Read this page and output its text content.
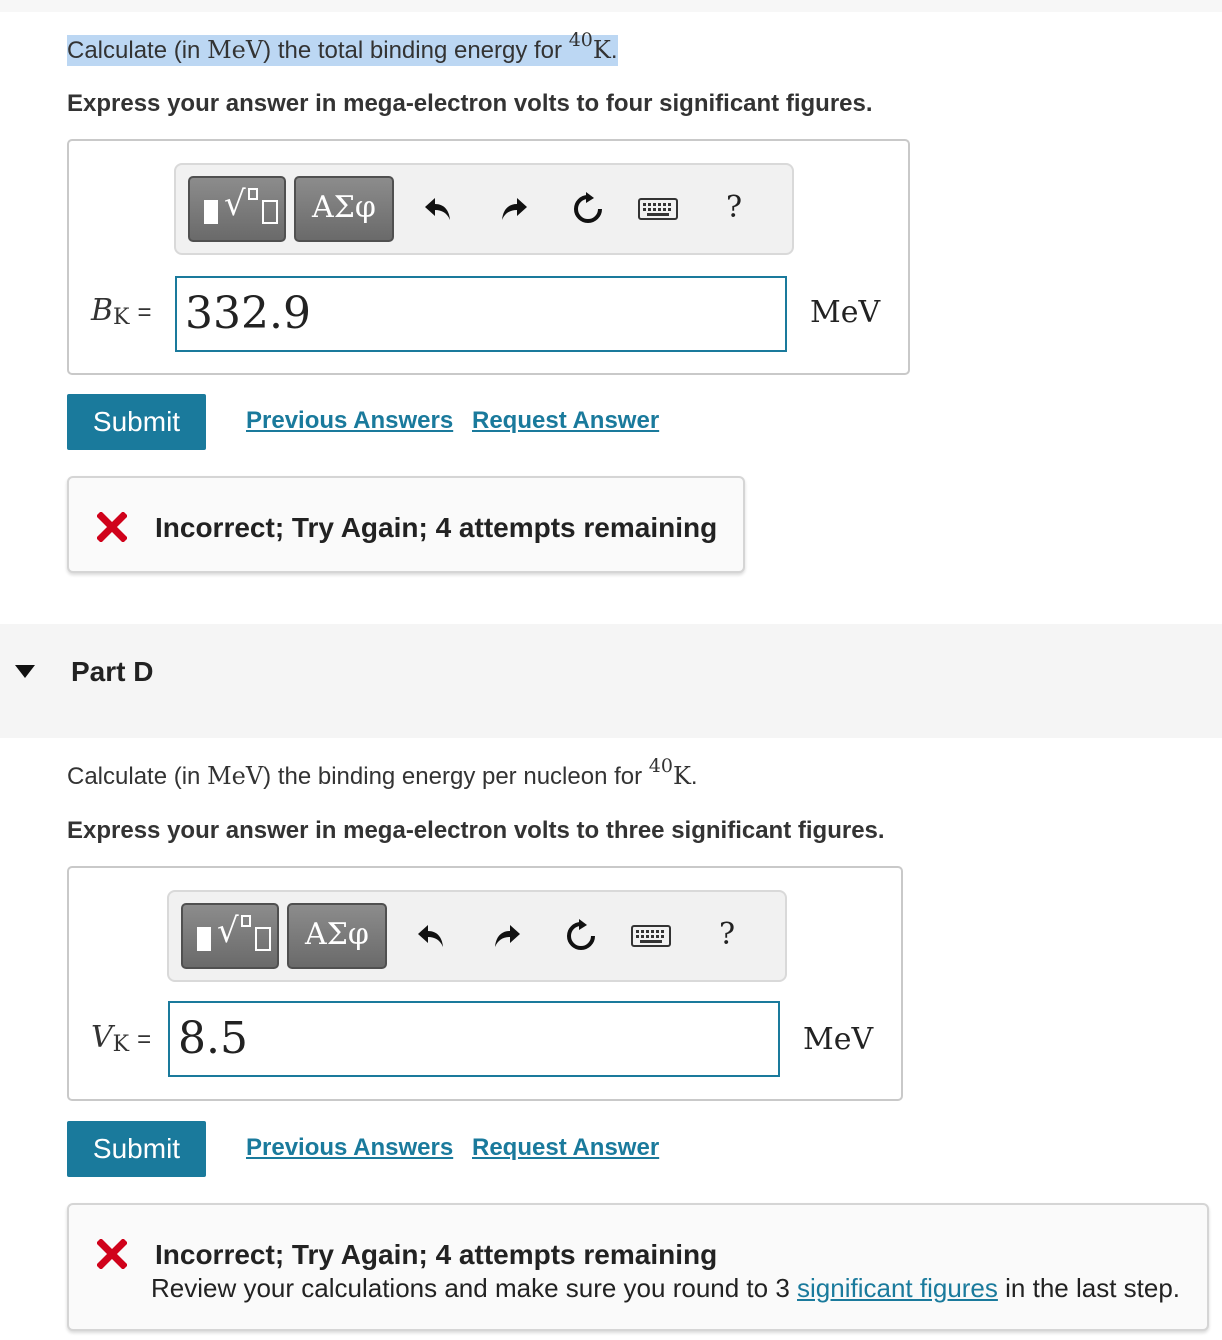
Calculate (in MeV) the total binding energy for $^{40}$K.
Express your answer in mega-electron volts to four significant figures.
√	ΑΣφ	?
BK = 332.9	MeV
Submit	Previous Answers Request Answer
Incorrect; Try Again; 4 attempts remaining
Part D
Calculate (in MeV) the binding energy per nucleon for $^{40}$K.
Express your answer in mega-electron volts to three significant figures.
√	ΑΣφ	?
VK = 8.5	MeV
Submit	Previous Answers Request Answer
Incorrect; Try Again; 4 attempts remaining
Review your calculations and make sure you round to 3 significant figures in the last step.
